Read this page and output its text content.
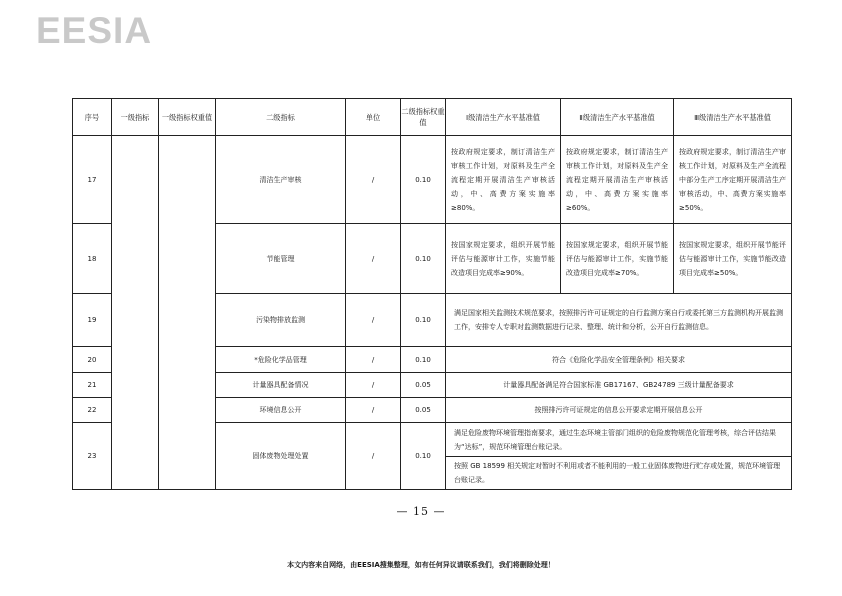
EESIA
序号	一级指标	一级指标权重值	二级指标	单位	二级指标权重值	Ⅰ级清洁生产水平基准值	Ⅱ级清洁生产水平基准值	Ⅲ级清洁生产水平基准值
17			清洁生产审核	/	0.10	按政府规定要求，制订清洁生产审核工作计划，对原料及生产全流程定期开展清洁生产审核活动，中、高费方案实施率≥80%。	按政府规定要求，制订清洁生产审核工作计划，对原料及生产全流程定期开展清洁生产审核活动，中、高费方案实施率≥60%。	按政府规定要求，制订清洁生产审核工作计划，对原料及生产全流程中部分生产工序定期开展清洁生产审核活动，中、高费方案实施率≥50%。
18			节能管理	/	0.10	按国家规定要求，组织开展节能评估与能源审计工作，实施节能改造项目完成率≥90%。	按国家规定要求，组织开展节能评估与能源审计工作，实施节能改造项目完成率≥70%。	按国家规定要求，组织开展节能评估与能源审计工作，实施节能改造项目完成率≥50%。
19			污染物排放监测	/	0.10	满足国家相关监测技术规范要求，按照排污许可证规定的自行监测方案自行或委托第三方监测机构开展监测工作，安排专人专职对监测数据进行记录、整理、统计和分析，公开自行监测信息。		
20			*危险化学品管理	/	0.10	符合《危险化学品安全管理条例》相关要求		
21			计量器具配备情况	/	0.05	计量器具配备满足符合国家标准 GB17167、GB24789 三级计量配备要求		
22			环境信息公开	/	0.05	按照排污许可证规定的信息公开要求定期开展信息公开		
23			固体废物处理处置	/	0.10	满足危险废物环境管理指南要求，通过生态环境主管部门组织的危险废物规范化管理考核，综合评估结果为“达标”，规范环境管理台账记录。		
						按照 GB 18599 相关规定对暂时不利用或者不能利用的一般工业固体废物进行贮存或处置，规范环境管理台账记录。		
— 15 —
本文内容来自网络，由EESIA搜集整理，如有任何异议请联系我们，我们将删除处理！
